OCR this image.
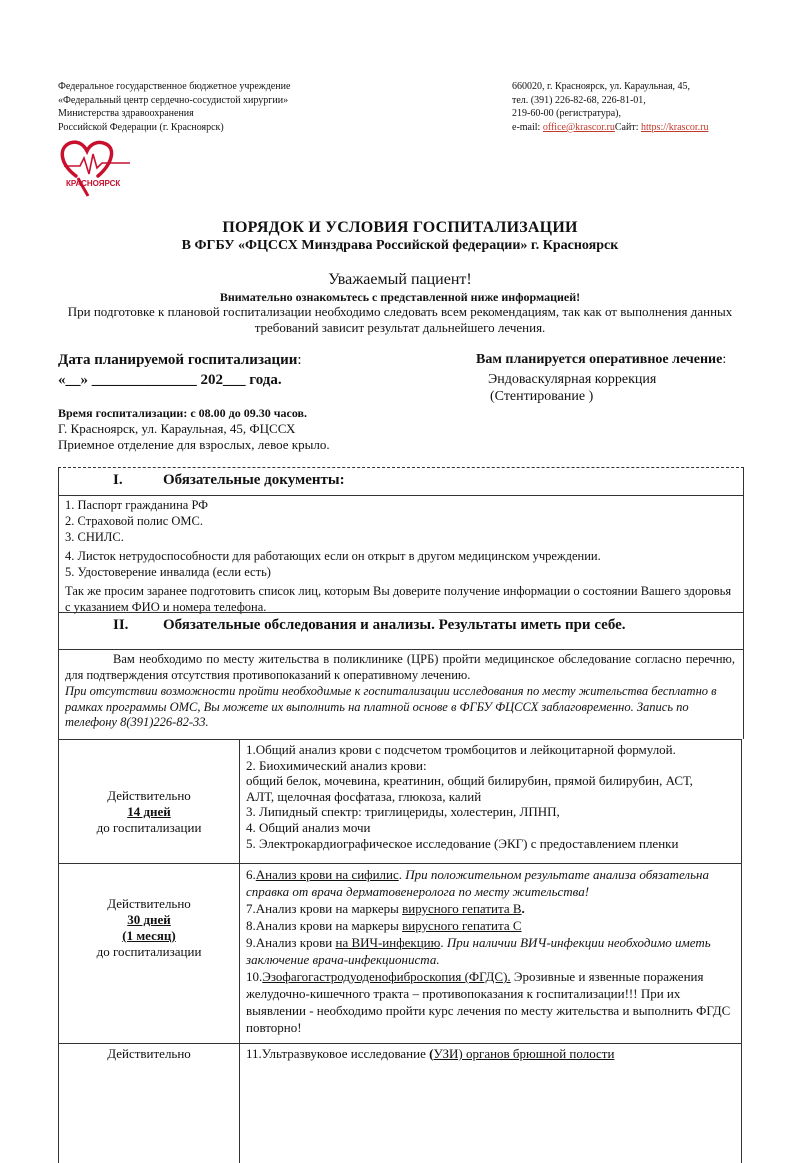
Федеральное государственное бюджетное учреждение
«Федеральный центр сердечно-сосудистой хирургии»
Министерства здравоохранения
Российской Федерации (г. Красноярск)
660020, г. Красноярск, ул. Караульная, 45,
тел. (391) 226-82-68, 226-81-01,
219-60-00 (регистратура),
e-mail: office@krascor.ruСайт: https://krascor.ru
КРАСНОЯРСК
ПОРЯДОК И УСЛОВИЯ ГОСПИТАЛИЗАЦИИ
В ФГБУ «ФЦССХ Минздрава Российской федерации» г. Красноярск
Уважаемый пациент!
Внимательно ознакомьтесь с представленной ниже информацией!
При подготовке к плановой госпитализации необходимо следовать всем рекомендациям, так как от выполнения данных требований зависит результат дальнейшего лечения.
Дата планируемой госпитализации:
«__» ______________ 202___ года.
Вам планируется оперативное лечение:
Эндоваскулярная коррекция
(Стентирование )
Время госпитализации: с 08.00 до 09.30 часов.
Г. Красноярск, ул. Караульная, 45, ФЦССХ
Приемное отделение для взрослых, левое крыло.
I.	Обязательные документы:
1. Паспорт гражданина РФ
2. Страховой полис ОМС.
3. СНИЛС.
4. Листок нетрудоспособности для работающих если он открыт в другом медицинском учреждении.
5. Удостоверение инвалида (если есть)
Так же просим заранее подготовить список лиц, которым Вы доверите получение информации о состоянии Вашего здоровья с указанием ФИО и номера телефона.
II. Обязательные обследования и анализы. Результаты иметь при себе.
Вам необходимо по месту жительства в поликлинике (ЦРБ) пройти медицинское обследование согласно перечню, для подтверждения отсутствия противопоказаний к оперативному лечению.
При отсутствии возможности пройти необходимые к госпитализации исследования по месту жительства бесплатно в рамках программы ОМС, Вы можете их выполнить на платной основе в ФГБУ ФЦССХ заблаговременно. Запись по телефону 8(391)226-82-33.
Действительно
14 дней
до госпитализации
1.Общий анализ крови с подсчетом тромбоцитов и лейкоцитарной формулой.
2. Биохимический анализ крови:
общий белок, мочевина, креатинин, общий билирубин, прямой билирубин, АСТ,
АЛТ, щелочная фосфатаза, глюкоза, калий
3. Липидный спектр: триглицериды, холестерин, ЛПНП,
4. Общий анализ мочи
5. Электрокардиографическое исследование (ЭКГ) с предоставлением пленки
Действительно
30 дней
(1 месяц)
до госпитализации
6.Анализ крови на сифилис. При положительном результате анализа обязательна справка от врача дерматовенеролога по месту жительства!
7.Анализ крови на маркеры вирусного гепатита В.
8.Анализ крови на маркеры вирусного гепатита С
9.Анализ крови на ВИЧ-инфекцию. При наличии ВИЧ-инфекции необходимо иметь заключение врача-инфекциониста.
10.Эзофагогастродуоденофиброскопия (ФГДС). Эрозивные и язвенные поражения желудочно-кишечного тракта – противопоказания к госпитализации!!! При их выявлении - необходимо пройти курс лечения по месту жительства и выполнить ФГДС повторно!
Действительно	11.Ультразвуковое исследование (УЗИ) органов брюшной полости
